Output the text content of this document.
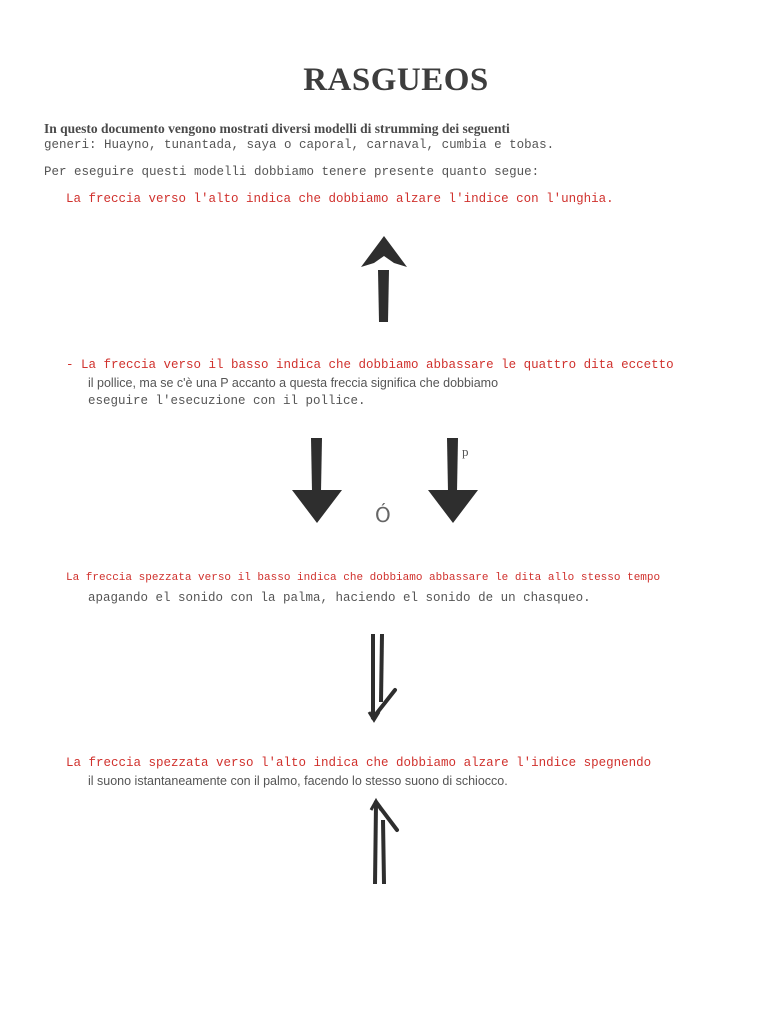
RASGUEOS
In questo documento vengono mostrati diversi modelli di strumming dei seguenti
generi: Huayno, tunantada, saya o caporal, carnaval, cumbia e tobas.
Per eseguire questi modelli dobbiamo tenere presente quanto segue:
La freccia verso l'alto indica che dobbiamo alzare l'indice con l'unghia.
- La freccia verso il basso indica che dobbiamo abbassare le quattro dita eccetto
il pollice, ma se c'è una P accanto a questa freccia significa che dobbiamo
eseguire l'esecuzione con il pollice.
Ó
p
La freccia spezzata verso il basso indica che dobbiamo abbassare le dita allo stesso tempo
apagando el sonido con la palma, haciendo el sonido de un chasqueo.
La freccia spezzata verso l'alto indica che dobbiamo alzare l'indice spegnendo
il suono istantaneamente con il palmo, facendo lo stesso suono di schiocco.
